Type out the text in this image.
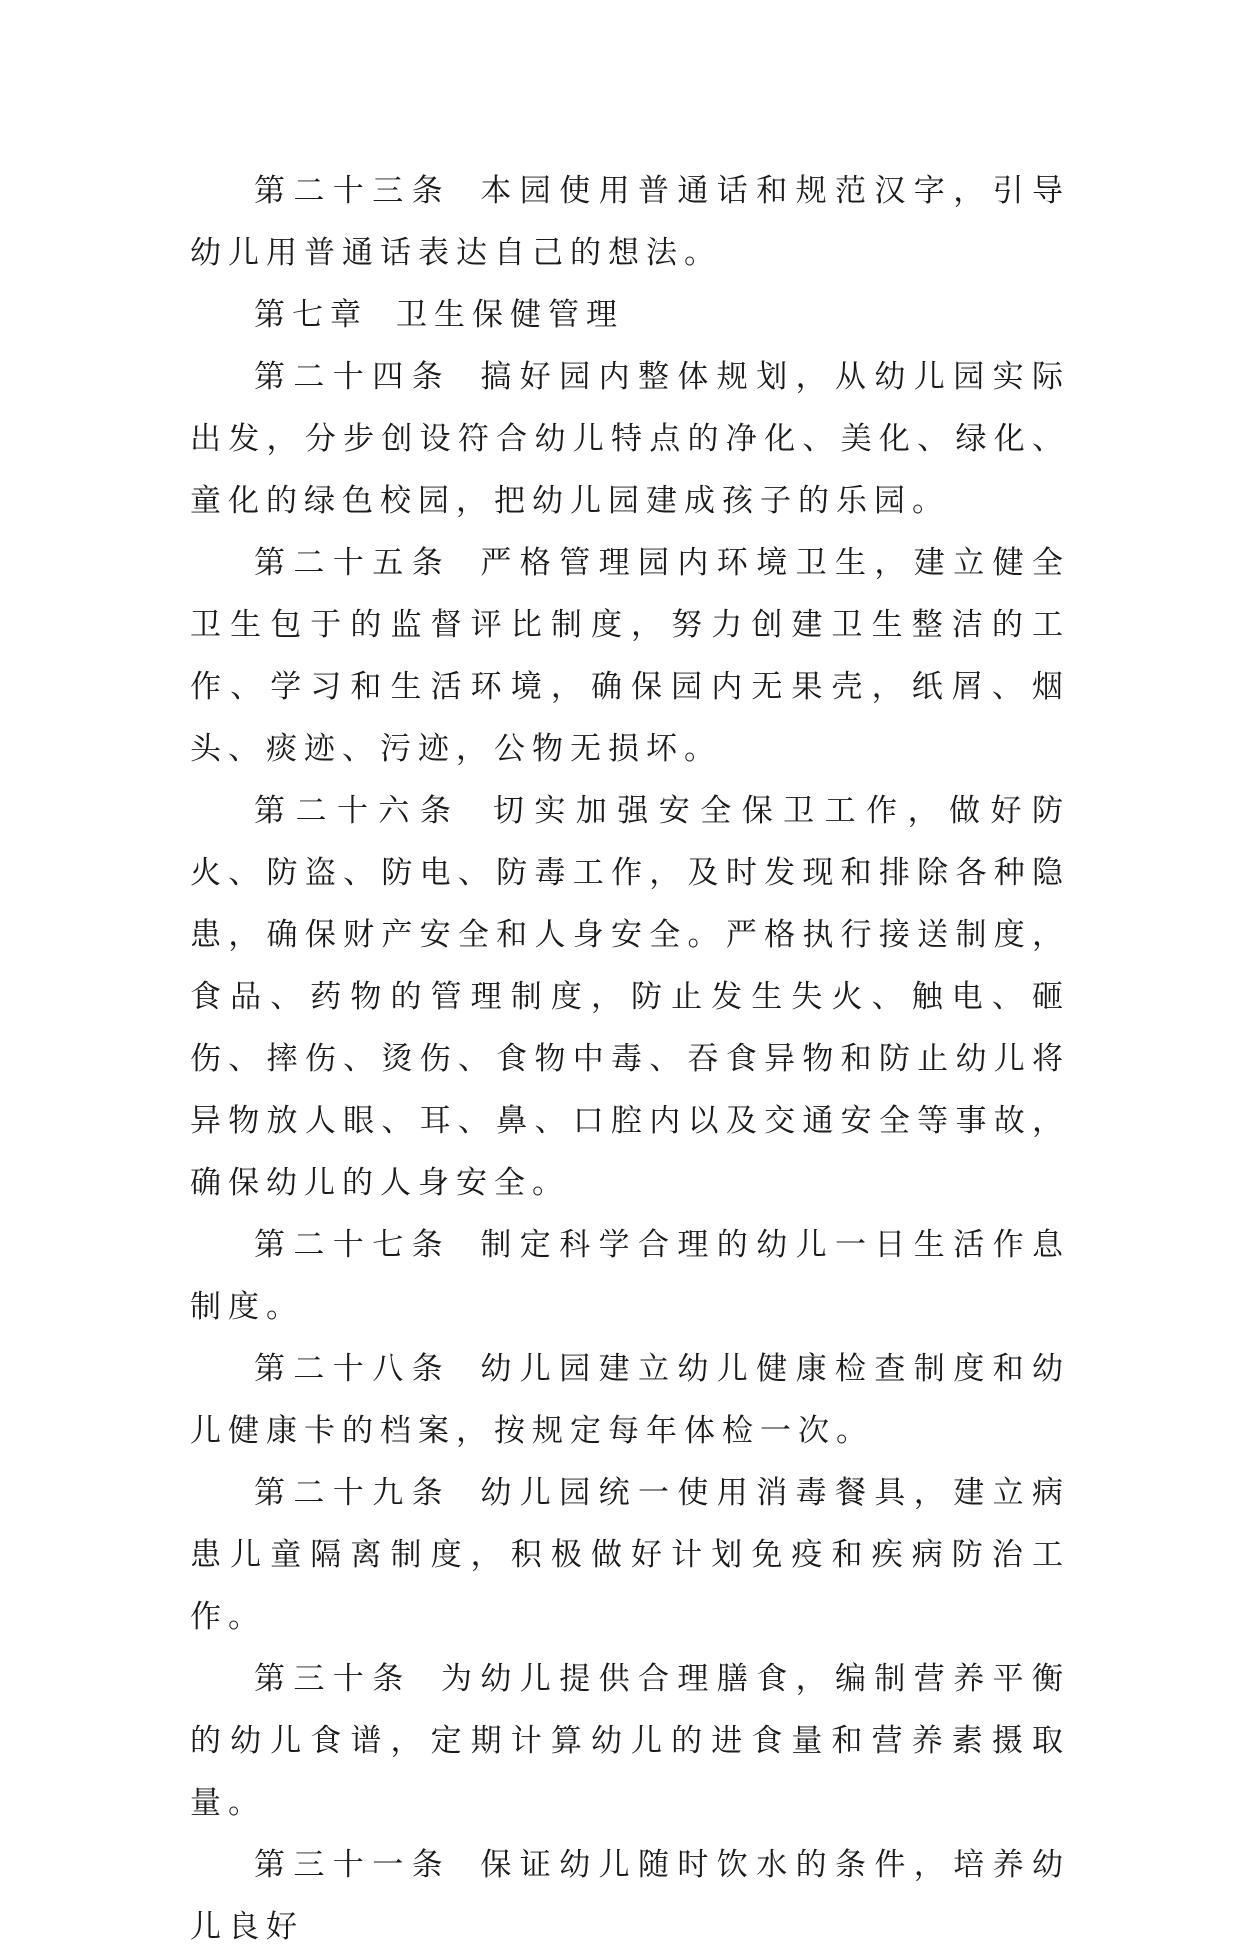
第二十三条 本园使用普通话和规范汉字，引导幼儿用普通话表达自己的想法。

第七章 卫生保健管理

第二十四条 搞好园内整体规划，从幼儿园实际出发，分步创设符合幼儿特点的净化、美化、绿化、童化的绿色校园，把幼儿园建成孩子的乐园。

第二十五条 严格管理园内环境卫生，建立健全卫生包于的监督评比制度，努力创建卫生整洁的工作、学习和生活环境，确保园内无果壳，纸屑、烟头、痰迹、污迹，公物无损坏。

第二十六条 切实加强安全保卫工作，做好防火、防盗、防电、防毒工作，及时发现和排除各种隐患，确保财产安全和人身安全。严格执行接送制度，食品、药物的管理制度，防止发生失火、触电、砸伤、摔伤、烫伤、食物中毒、吞食异物和防止幼儿将异物放人眼、耳、鼻、口腔内以及交通安全等事故，确保幼儿的人身安全。

第二十七条 制定科学合理的幼儿一日生活作息制度。

第二十八条 幼儿园建立幼儿健康检查制度和幼儿健康卡的档案，按规定每年体检一次。

第二十九条 幼儿园统一使用消毒餐具，建立病患儿童隔离制度，积极做好计划免疫和疾病防治工作。

第三十条 为幼儿提供合理膳食，编制营养平衡的幼儿食谱，定期计算幼儿的进食量和营养素摄取量。

第三十一条 保证幼儿随时饮水的条件，培养幼儿良好
